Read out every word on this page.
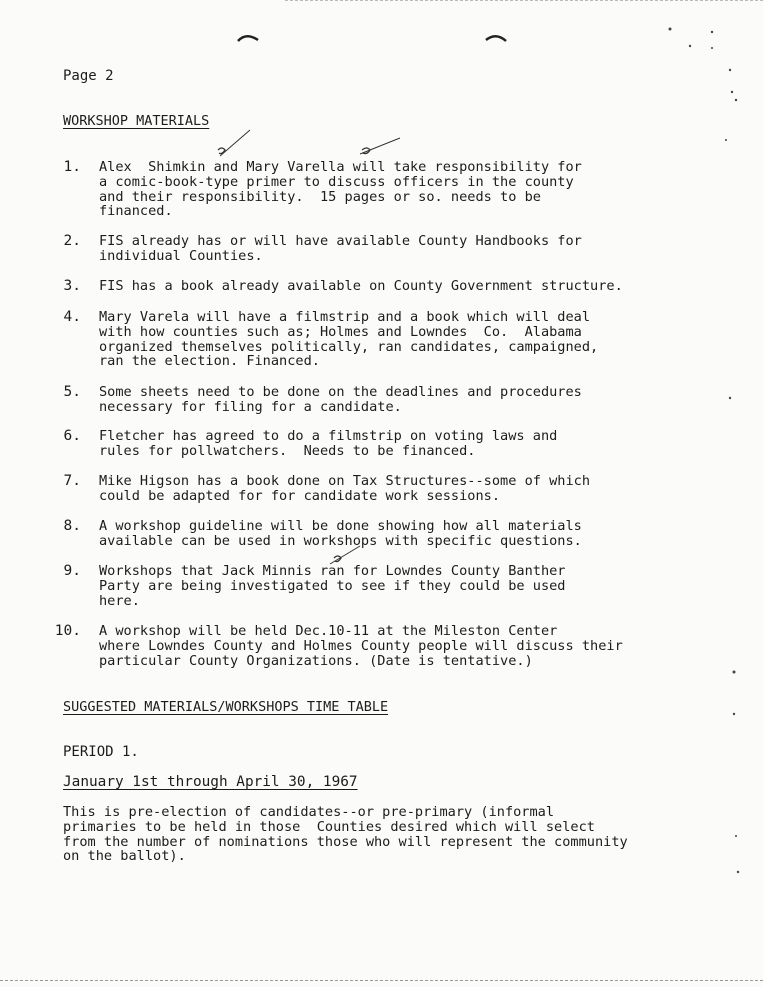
Page 2
WORKSHOP MATERIALS
1. Alex  Shimkin and Mary Varella will take responsibility for
a comic-book-type primer to discuss officers in the county
and their responsibility.  15 pages or so. needs to be
financed.
2. FIS already has or will have available County Handbooks for
individual Counties.
3. FIS has a book already available on County Government structure.
4. Mary Varela will have a filmstrip and a book which will deal
with how counties such as; Holmes and Lowndes  Co.  Alabama
organized themselves politically, ran candidates, campaigned,
ran the election. Financed.
5. Some sheets need to be done on the deadlines and procedures
necessary for filing for a candidate.
6. Fletcher has agreed to do a filmstrip on voting laws and
rules for pollwatchers.  Needs to be financed.
7. Mike Higson has a book done on Tax Structures--some of which
could be adapted for for candidate work sessions.
8. A workshop guideline will be done showing how all materials
available can be used in workshops with specific questions.
9. Workshops that Jack Minnis ran for Lowndes County Banther
Party are being investigated to see if they could be used
here.
10. A workshop will be held Dec.10-11 at the Mileston Center
where Lowndes County and Holmes County people will discuss their
particular County Organizations. (Date is tentative.)
SUGGESTED MATERIALS/WORKSHOPS TIME TABLE
PERIOD 1.
January 1st through April 30, 1967
This is pre-election of candidates--or pre-primary (informal
primaries to be held in those  Counties desired which will select
from the number of nominations those who will represent the community
on the ballot).
